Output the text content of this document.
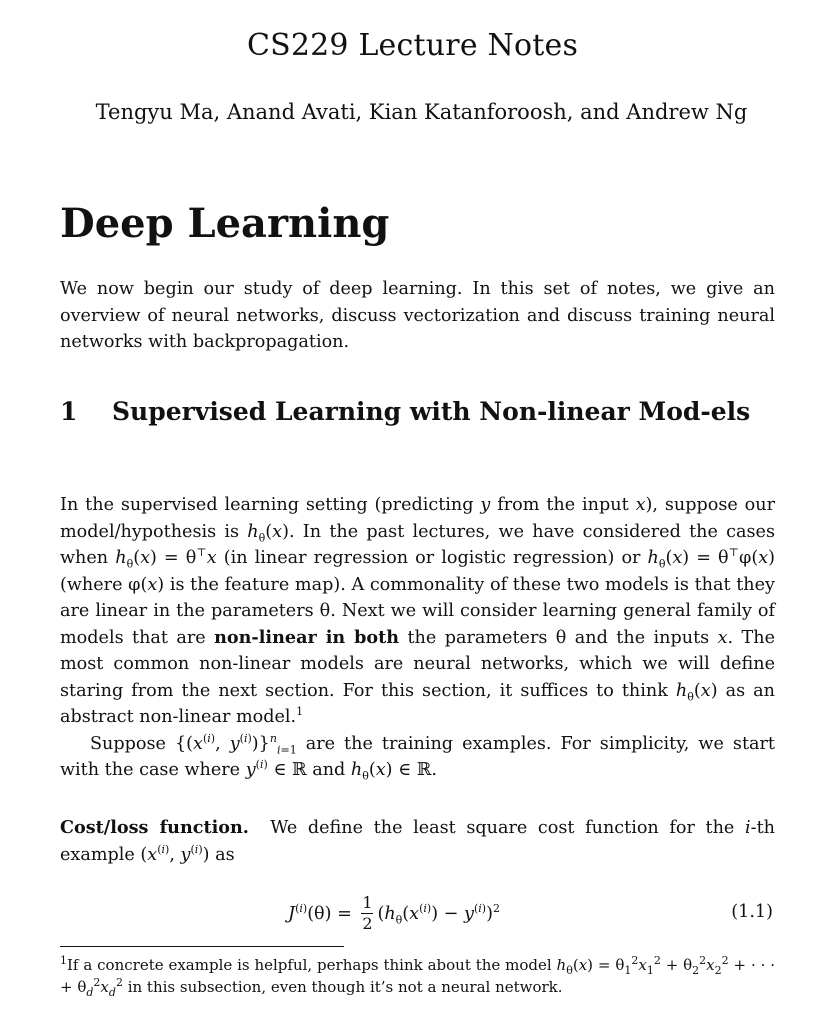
CS229 Lecture Notes
Tengyu Ma, Anand Avati, Kian Katanforoosh, and Andrew Ng
Deep Learning
We now begin our study of deep learning. In this set of notes, we give an overview of neural networks, discuss vectorization and discuss training neural networks with backpropagation.
1	Supervised Learning with Non-linear Mod-els

In the supervised learning setting (predicting y from the input x), suppose our model/hypothesis is $h_\theta(x)$. In the past lectures, we have considered the cases when $h_\theta(x) = \theta^⊤x$ (in linear regression or logistic regression) or $h_\theta(x) = \theta^⊤\varphi(x)$ (where φ(x) is the feature map). A commonality of these two models is that they are linear in the parameters θ. Next we will consider learning general family of models that are non-linear in both the parameters θ and the inputs x. The most common non-linear models are neural networks, which we will define staring from the next section. For this section, it suffices to think $h_\theta(x)$ as an abstract non-linear model.$^1$

Suppose {($x^{(i)}$, $y^{(i)})\}^n_{i=1}$ are the training examples. For simplicity, we start with the case where $y^{(i)}$ ∈ ℝ and $h_\theta(x)$ ∈ ℝ.

Cost/loss function. We define the least square cost function for the i-th example ($x^{(i)}$, $y^{(i)}$) as
$J^{(i)}(\theta) = \frac{1}{2} (h_\theta(x^{(i)}) - y^{(i)})^2$	(1.1)
$^1$If a concrete example is helpful, perhaps think about the model $h_\theta(x) = \theta_1^2x_1^2 + \theta_2^2x_2^2$ + · · · + $\theta_d^2x_d^2$ in this subsection, even though it’s not a neural network.
